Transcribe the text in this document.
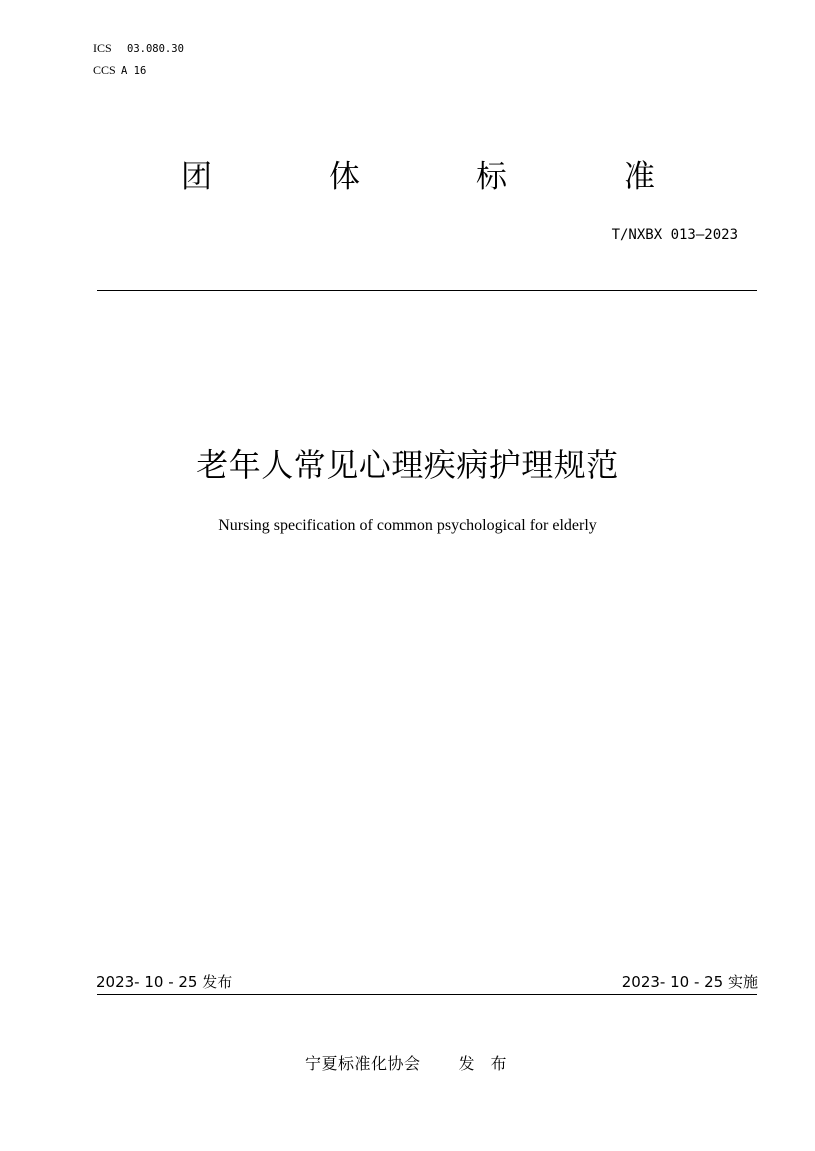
ICS 03.080.30
CCS A 16
团	体	标	准
T/NXBX 013—2023
老年人常见心理疾病护理规范
Nursing specification of common psychological for elderly
2023- 10 - 25 发布	2023- 10 - 25 实施
宁夏标准化协会 发布
